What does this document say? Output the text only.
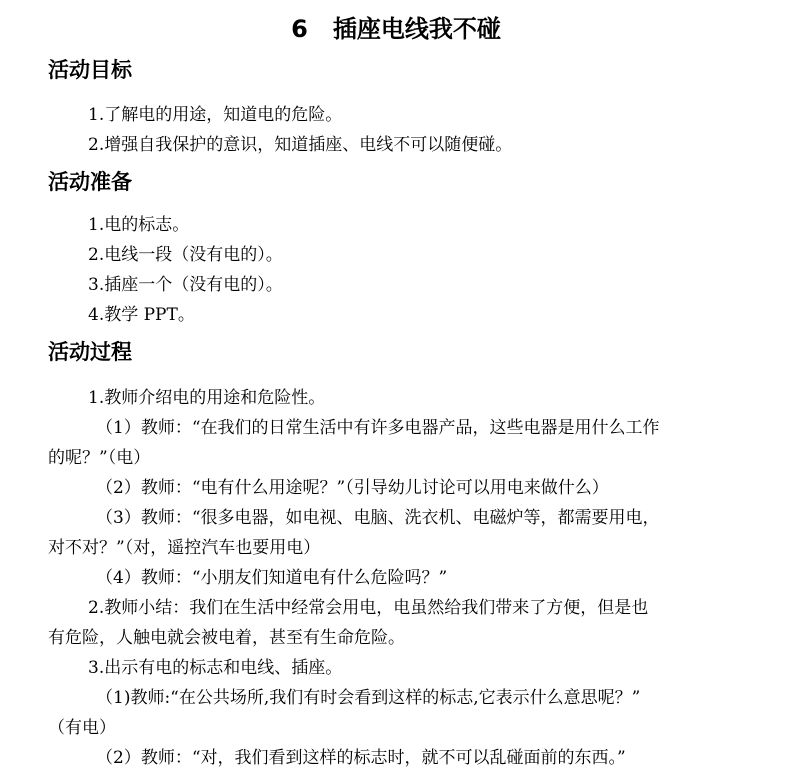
6   插座电线我不碰
活动目标
1.了解电的用途，知道电的危险。
2.增强自我保护的意识，知道插座、电线不可以随便碰。
活动准备
1.电的标志。
2.电线一段（没有电的）。
3.插座一个（没有电的）。
4.教学 PPT。
活动过程
1.教师介绍电的用途和危险性。
（1）教师：“在我们的日常生活中有许多电器产品，这些电器是用什么工作
的呢？”（电）
（2）教师：“电有什么用途呢？”（引导幼儿讨论可以用电来做什么）
（3）教师：“很多电器，如电视、电脑、洗衣机、电磁炉等，都需要用电，
对不对？”（对，遥控汽车也要用电）
（4）教师：“小朋友们知道电有什么危险吗？”
2.教师小结：我们在生活中经常会用电，电虽然给我们带来了方便，但是也
有危险，人触电就会被电着，甚至有生命危险。
3.出示有电的标志和电线、插座。
（1)教师:“在公共场所,我们有时会看到这样的标志,它表示什么意思呢？”
（有电）
（2）教师：“对，我们看到这样的标志时，就不可以乱碰面前的东西。”
